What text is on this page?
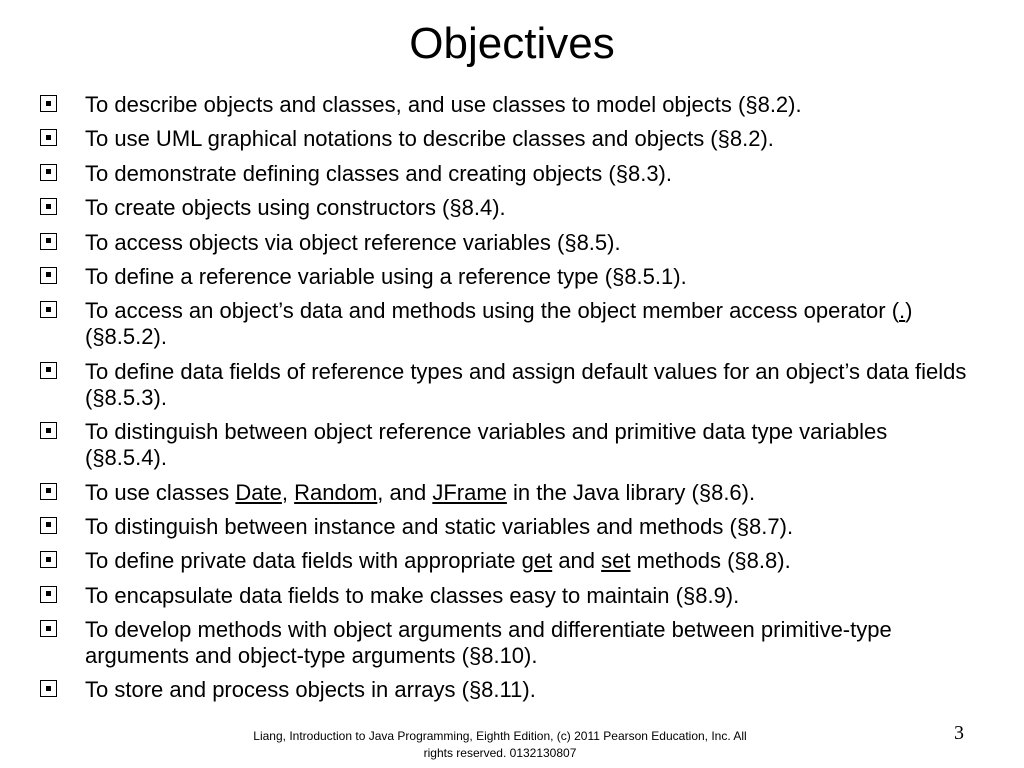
Objectives
To describe objects and classes, and use classes to model objects (§8.2).
To use UML graphical notations to describe classes and objects (§8.2).
To demonstrate defining classes and creating objects (§8.3).
To create objects using constructors (§8.4).
To access objects via object reference variables (§8.5).
To define a reference variable using a reference type (§8.5.1).
To access an object’s data and methods using the object member access operator (.) (§8.5.2).
To define data fields of reference types and assign default values for an object’s data fields (§8.5.3).
To distinguish between object reference variables and primitive data type variables (§8.5.4).
To use classes Date, Random, and JFrame in the Java library (§8.6).
To distinguish between instance and static variables and methods (§8.7).
To define private data fields with appropriate get and set methods (§8.8).
To encapsulate data fields to make classes easy to maintain (§8.9).
To develop methods with object arguments and differentiate between primitive-type arguments and object-type arguments (§8.10).
To store and process objects in arrays (§8.11).
Liang, Introduction to Java Programming, Eighth Edition, (c) 2011 Pearson Education, Inc. All
rights reserved. 0132130807
3
